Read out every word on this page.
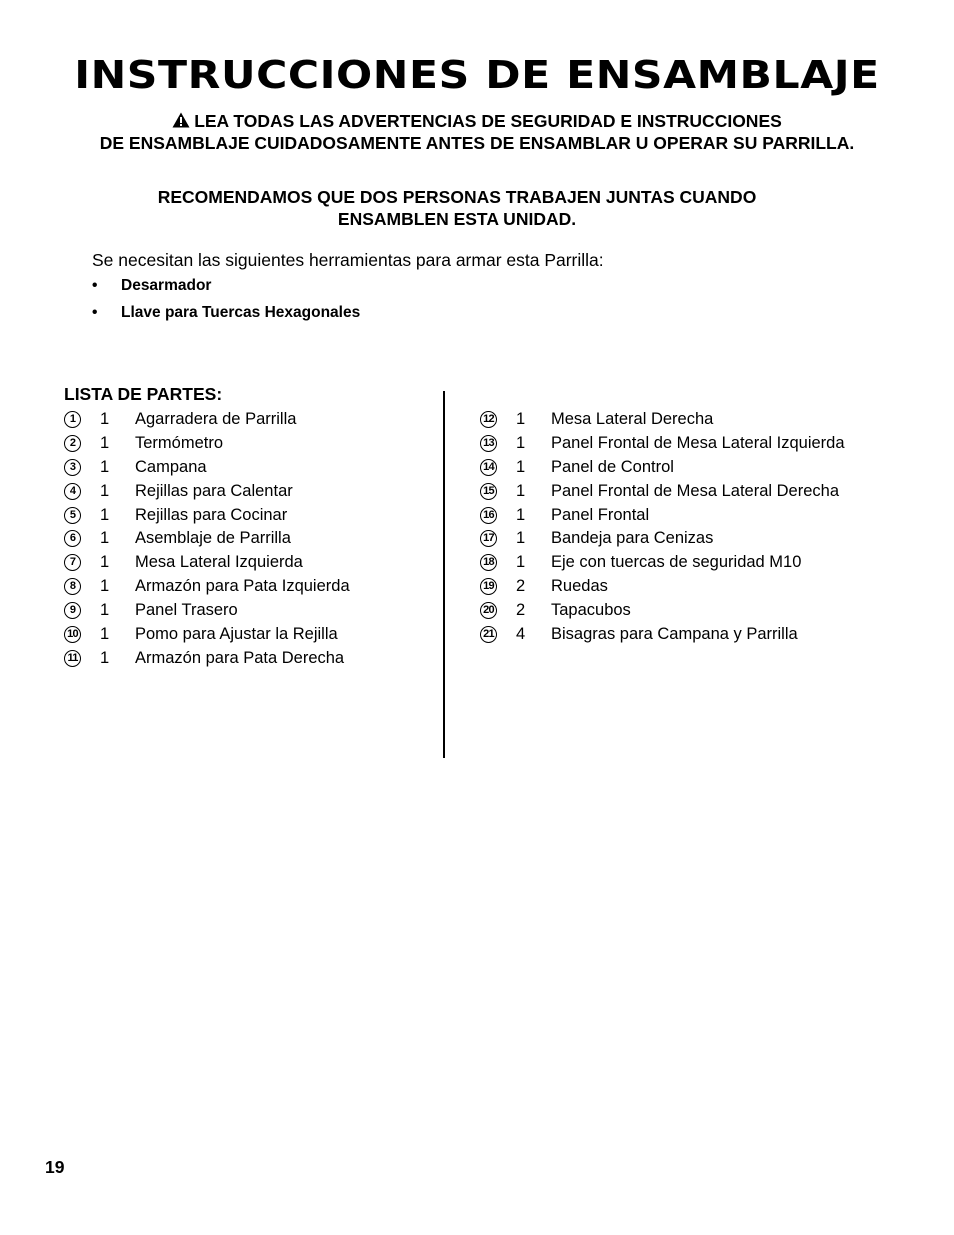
INSTRUCCIONES DE ENSAMBLAJE
LEA TODAS LAS ADVERTENCIAS DE SEGURIDAD E INSTRUCCIONES
DE ENSAMBLAJE CUIDADOSAMENTE ANTES DE ENSAMBLAR U OPERAR SU PARRILLA.
RECOMENDAMOS QUE DOS PERSONAS TRABAJEN JUNTAS CUANDO
ENSAMBLEN ESTA UNIDAD.
Se necesitan las siguientes herramientas para armar esta Parrilla:
• Desarmador
• Llave para Tuercas Hexagonales
LISTA DE PARTES:
1	1 Agarradera de Parrilla
2	1 Termómetro
3	1 Campana
4	1 Rejillas para Calentar
5	1 Rejillas para Cocinar
6	1 Asemblaje de Parrilla
7	1 Mesa Lateral Izquierda
8	1 Armazón para Pata Izquierda
9	1 Panel Trasero
10 1 Pomo para Ajustar la Rejilla
11 1 Armazón para Pata Derecha
12 1 Mesa Lateral Derecha
13 1 Panel Frontal de Mesa Lateral Izquierda
14 1 Panel de Control
15 1 Panel Frontal de Mesa Lateral Derecha
16 1 Panel Frontal
17 1 Bandeja para Cenizas
18 1 Eje con tuercas de seguridad M10
19 2 Ruedas
20 2 Tapacubos
21 4 Bisagras para Campana y Parrilla
19
